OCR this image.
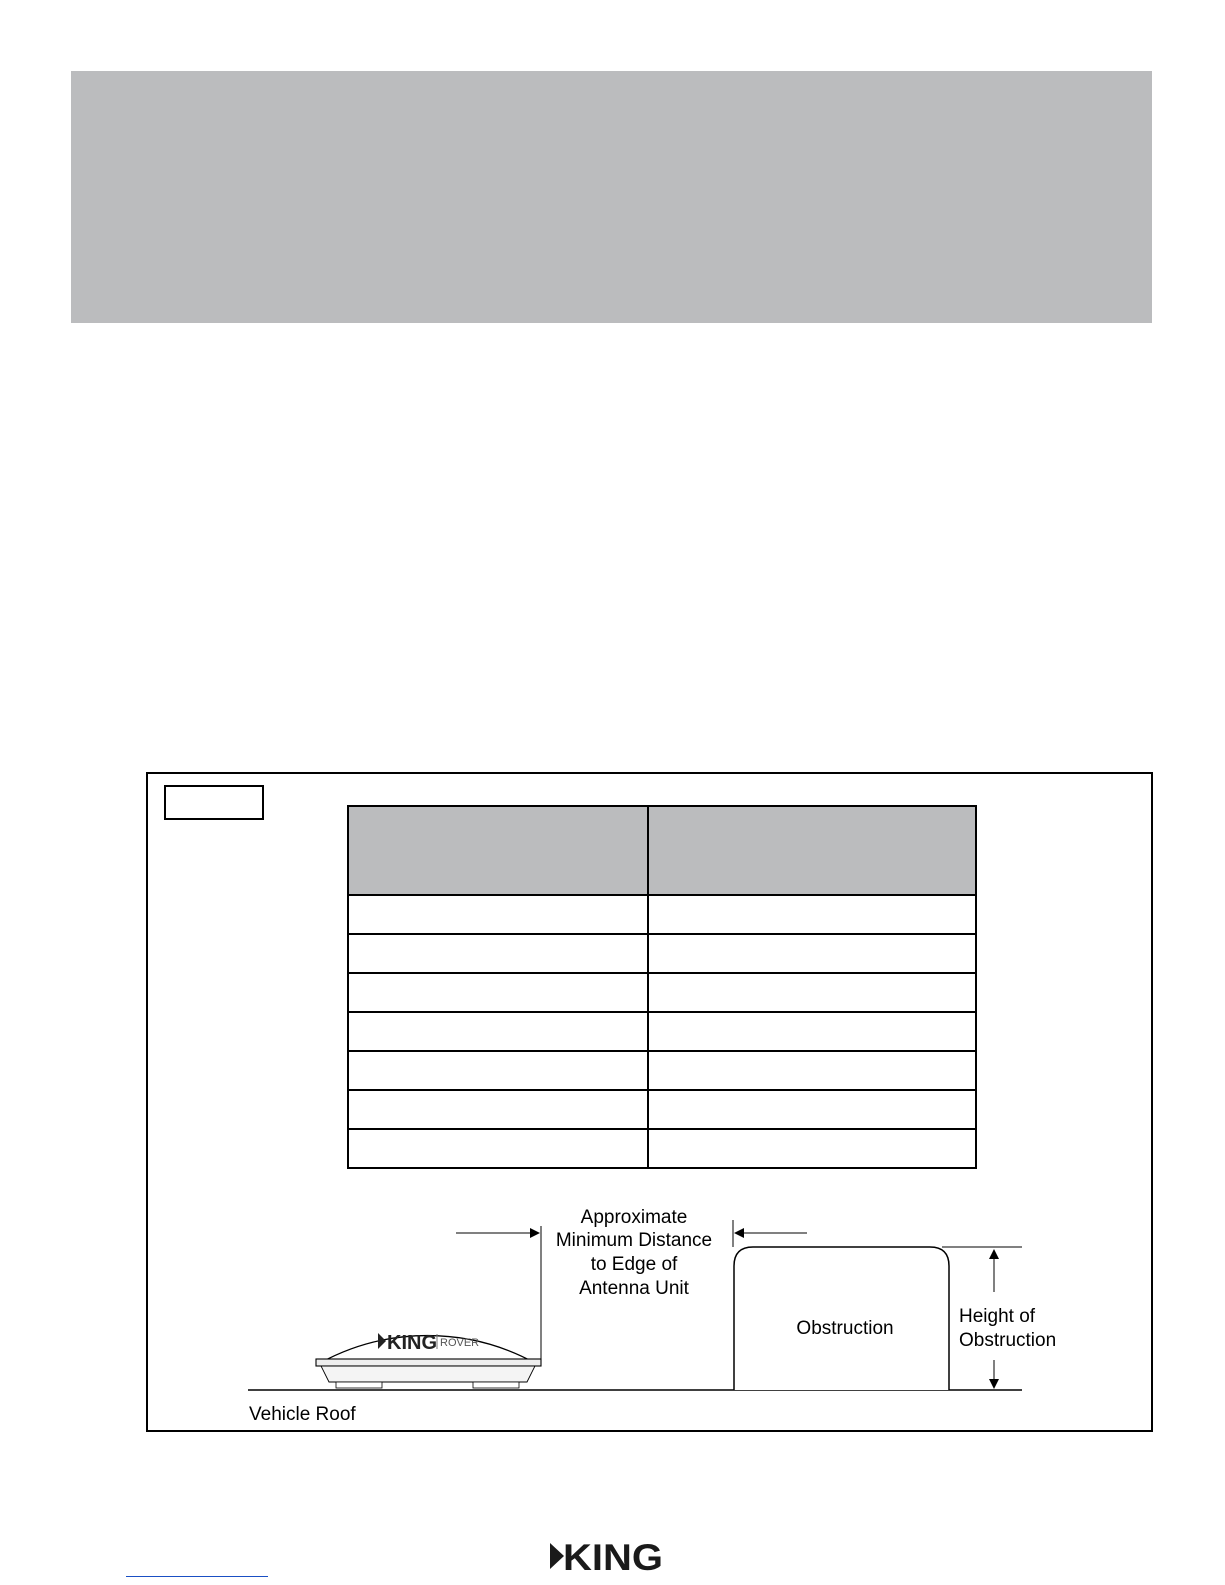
KING ROVER
Approximate
Minimum Distance
to Edge of
Antenna Unit
Obstruction
Height of
Obstruction
Vehicle Roof
KING
